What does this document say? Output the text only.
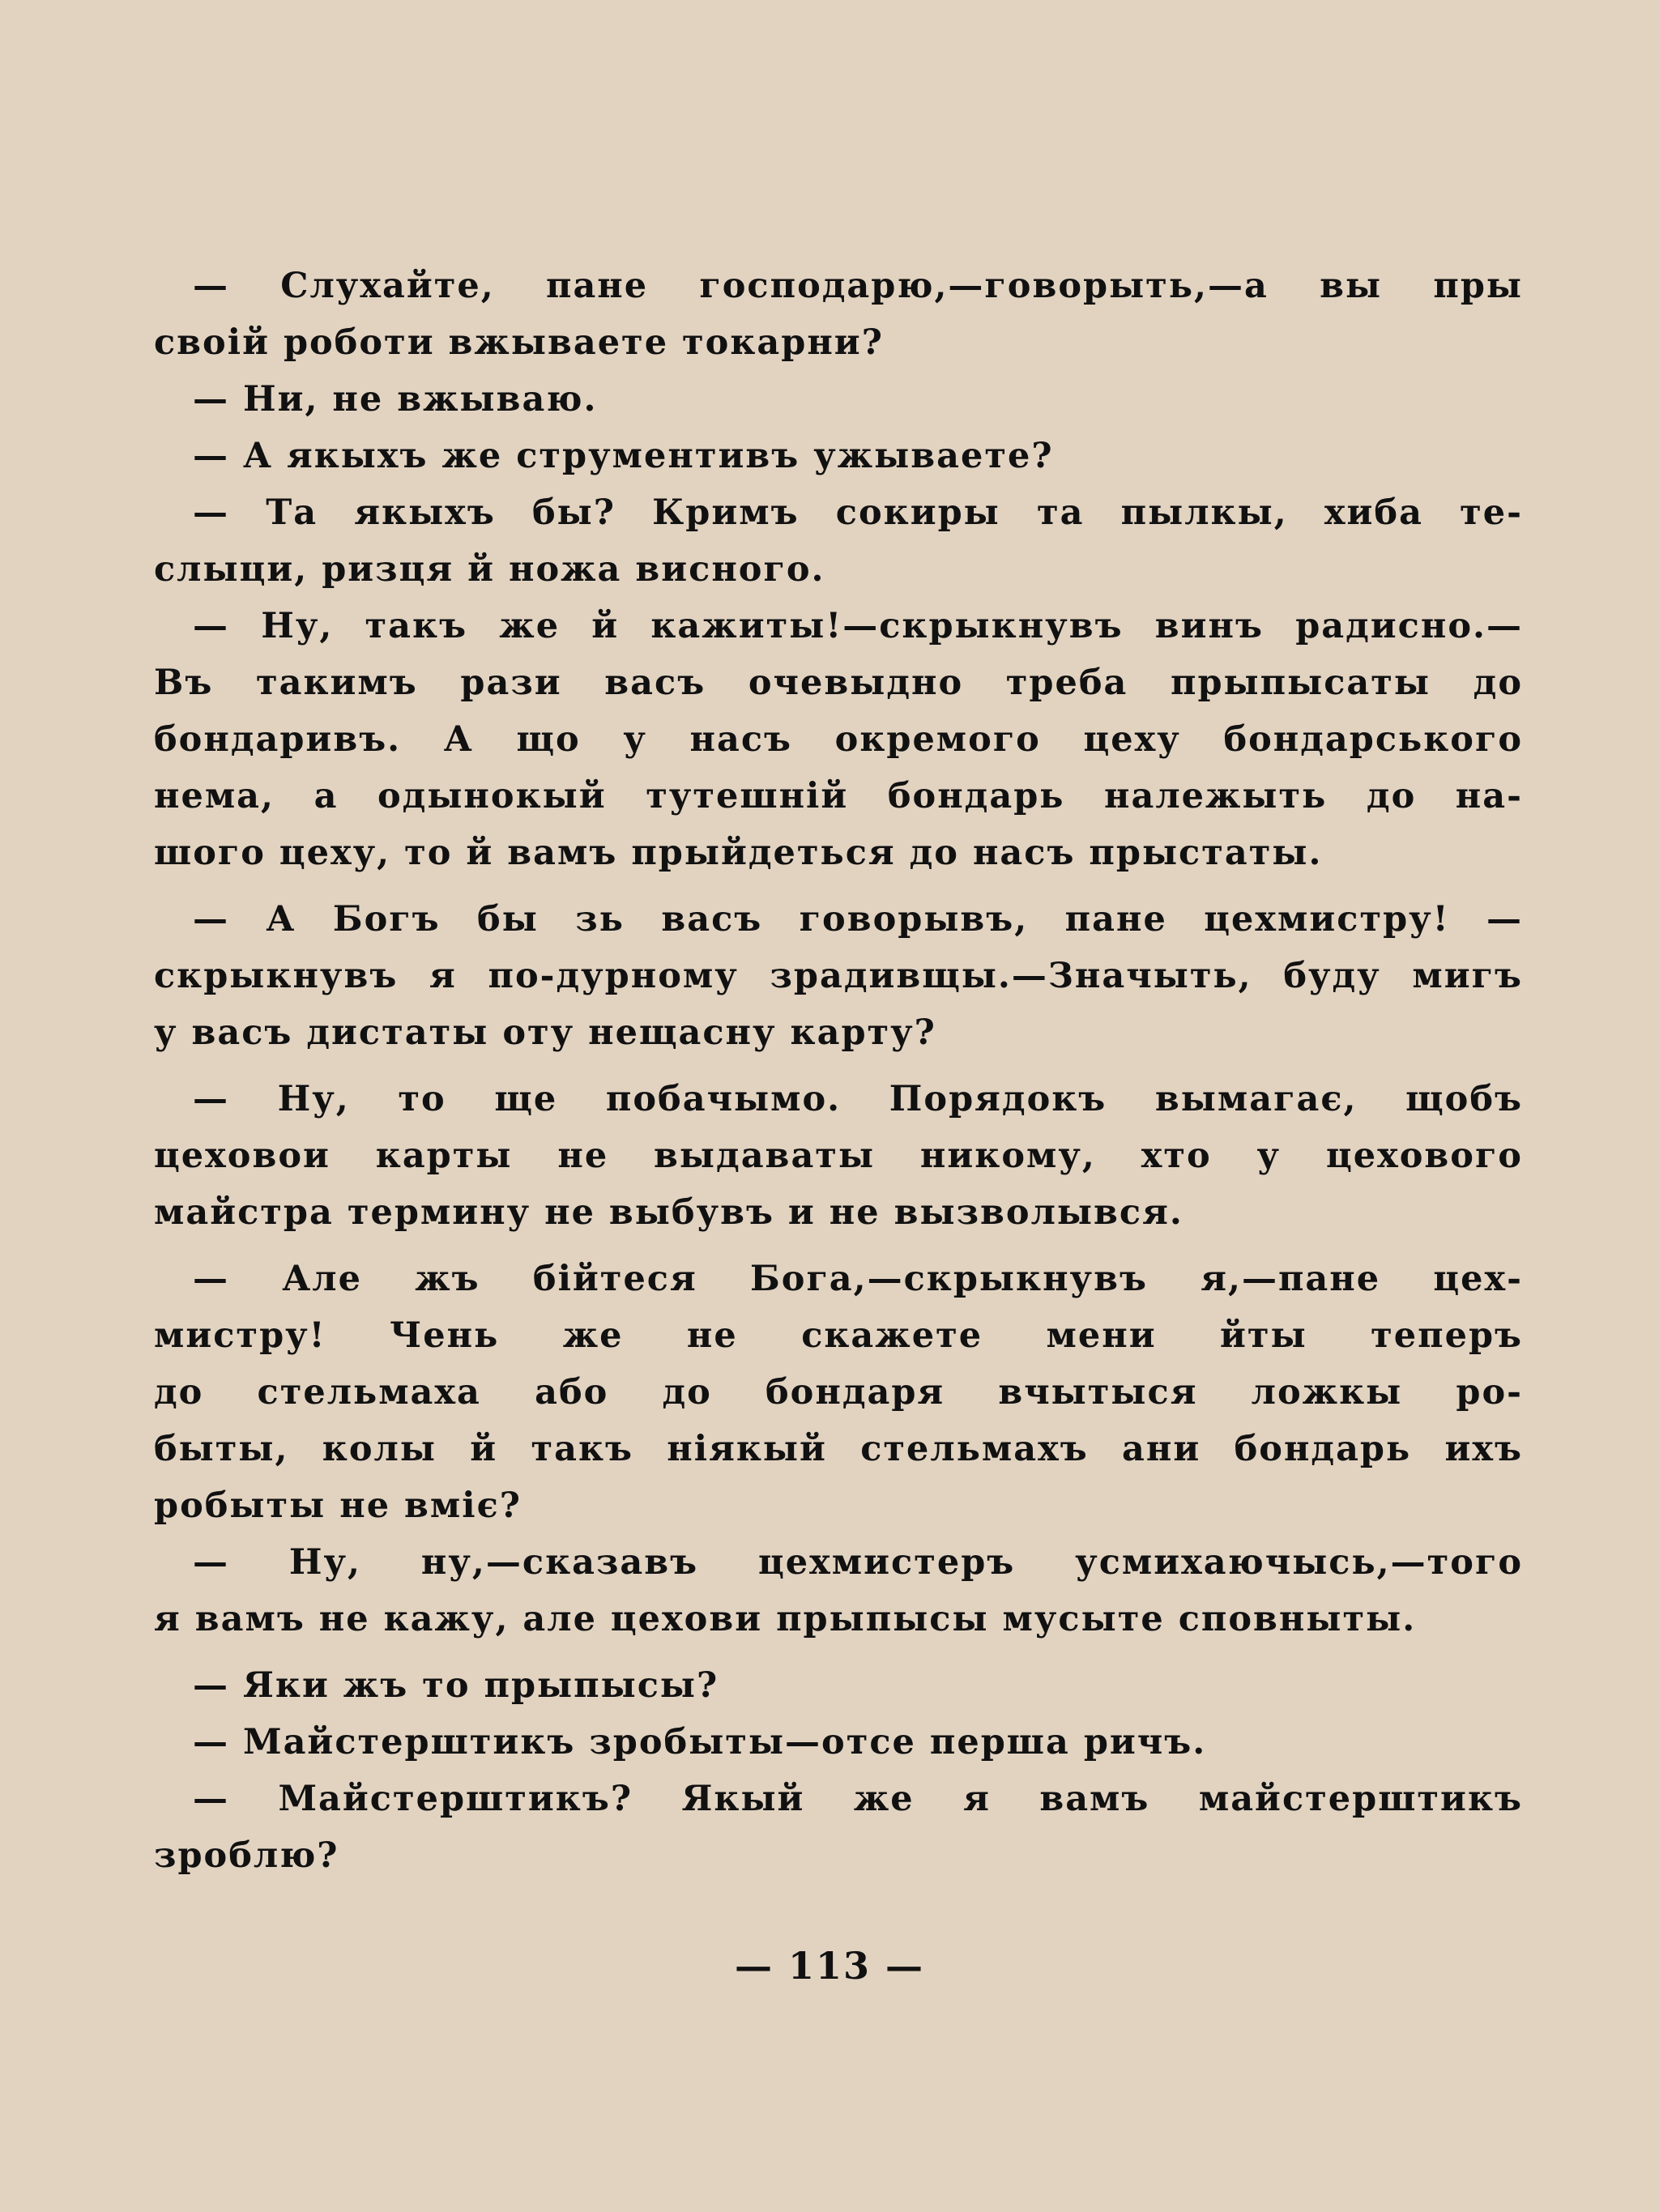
— Слухайте, пане господарю,—говорыть,—а вы пры
своій роботи вжываете токарни?
— Ни, не вжываю.
— А якыхъ же струментивъ ужываете?
— Та якыхъ бы? Кримъ сокиры та пылкы, хиба те-
слыци, ризця й ножа висного.
— Ну, такъ же й кажиты!—скрыкнувъ винъ радисно.—
Въ такимъ рази васъ очевыдно треба прыпысаты до
бондаривъ. А що у насъ окремого цеху бондарського
нема, а одынокый тутешній бондарь належыть до на-
шого цеху, то й вамъ прыйдеться до насъ прыстаты.
— А Богъ бы зь васъ говорывъ, пане цехмистру! —
скрыкнувъ я по-дурному зрадивщы.—Значыть, буду мигъ
у васъ дистаты оту нещасну карту?
— Ну, то ще побачымо. Порядокъ вымагає, щобъ
цеховои карты не выдаваты никому, хто у цехового
майстра термину не выбувъ и не вызволывся.
— Але жъ бійтеся Бога,—скрыкнувъ я,—пане цех-
мистру! Чень же не скажете мени йты теперъ
до стельмаха або до бондаря вчытыся ложкы ро-
быты, колы й такъ ніякый стельмахъ ани бондарь ихъ
робыты не вміє?
— Ну, ну,—сказавъ цехмистеръ усмихаючысь,—того
я вамъ не кажу, але цехови прыпысы мусыте сповныты.
— Яки жъ то прыпысы?
— Майстерштикъ зробыты—отсе перша ричъ.
— Майстерштикъ? Якый же я вамъ майстерштикъ
зроблю?
— 113 —
